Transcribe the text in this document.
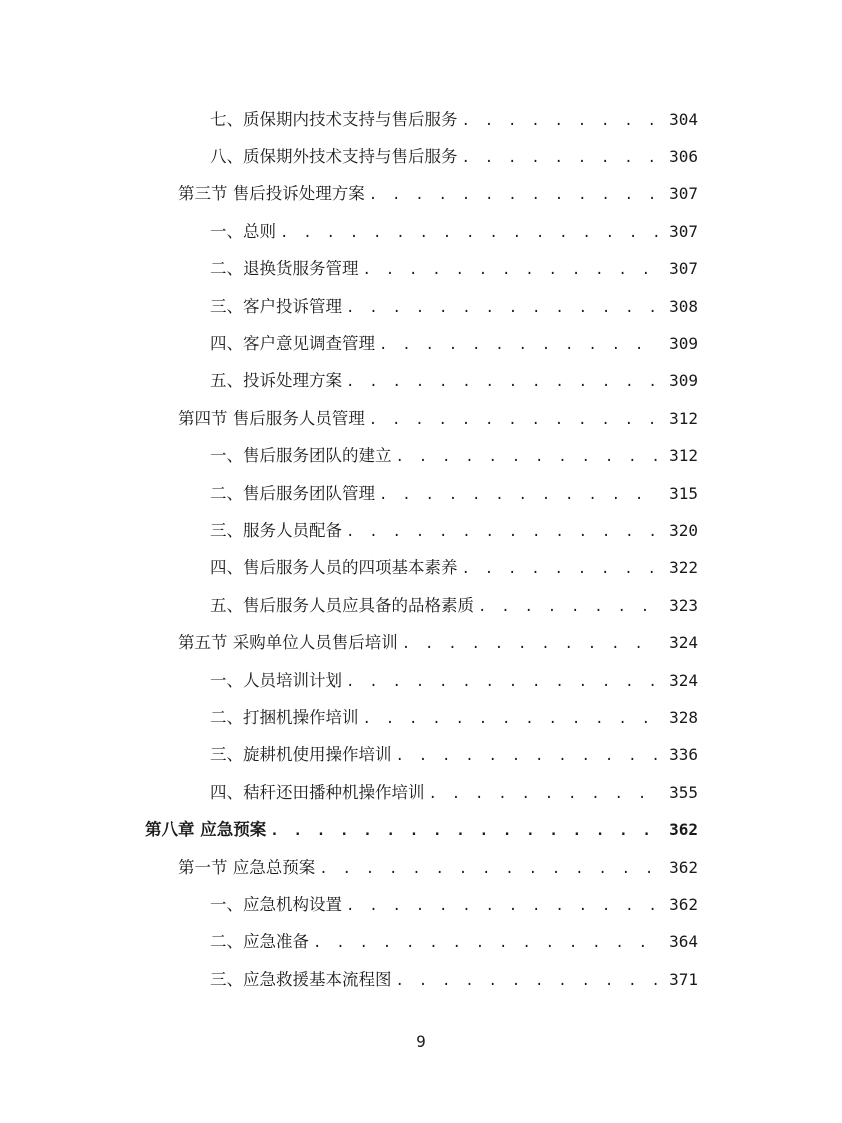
七、质保期内技术支持与售后服务 . . .	304
八、质保期外技术支持与售后服务 . . .	306
第三节 售后投诉处理方案 . . .	307
一、总则 . . .	307
二、退换货服务管理 . . .	307
三、客户投诉管理 . . .	308
四、客户意见调查管理 . . .	309
五、投诉处理方案 . . .	309
第四节 售后服务人员管理 . . .	312
一、售后服务团队的建立 . . .	312
二、售后服务团队管理 . . .	315
三、服务人员配备 . . .	320
四、售后服务人员的四项基本素养 . . .	322
五、售后服务人员应具备的品格素质 . . .	323
第五节 采购单位人员售后培训 . . .	324
一、人员培训计划 . . .	324
二、打捆机操作培训 . . .	328
三、旋耕机使用操作培训 . . .	336
四、秸秆还田播种机操作培训 . . .	355
第八章 应急预案 . . .	362
第一节 应急总预案 . . .	362
一、应急机构设置 . . .	362
二、应急准备 . . .	364
三、应急救援基本流程图 . . .	371
9
